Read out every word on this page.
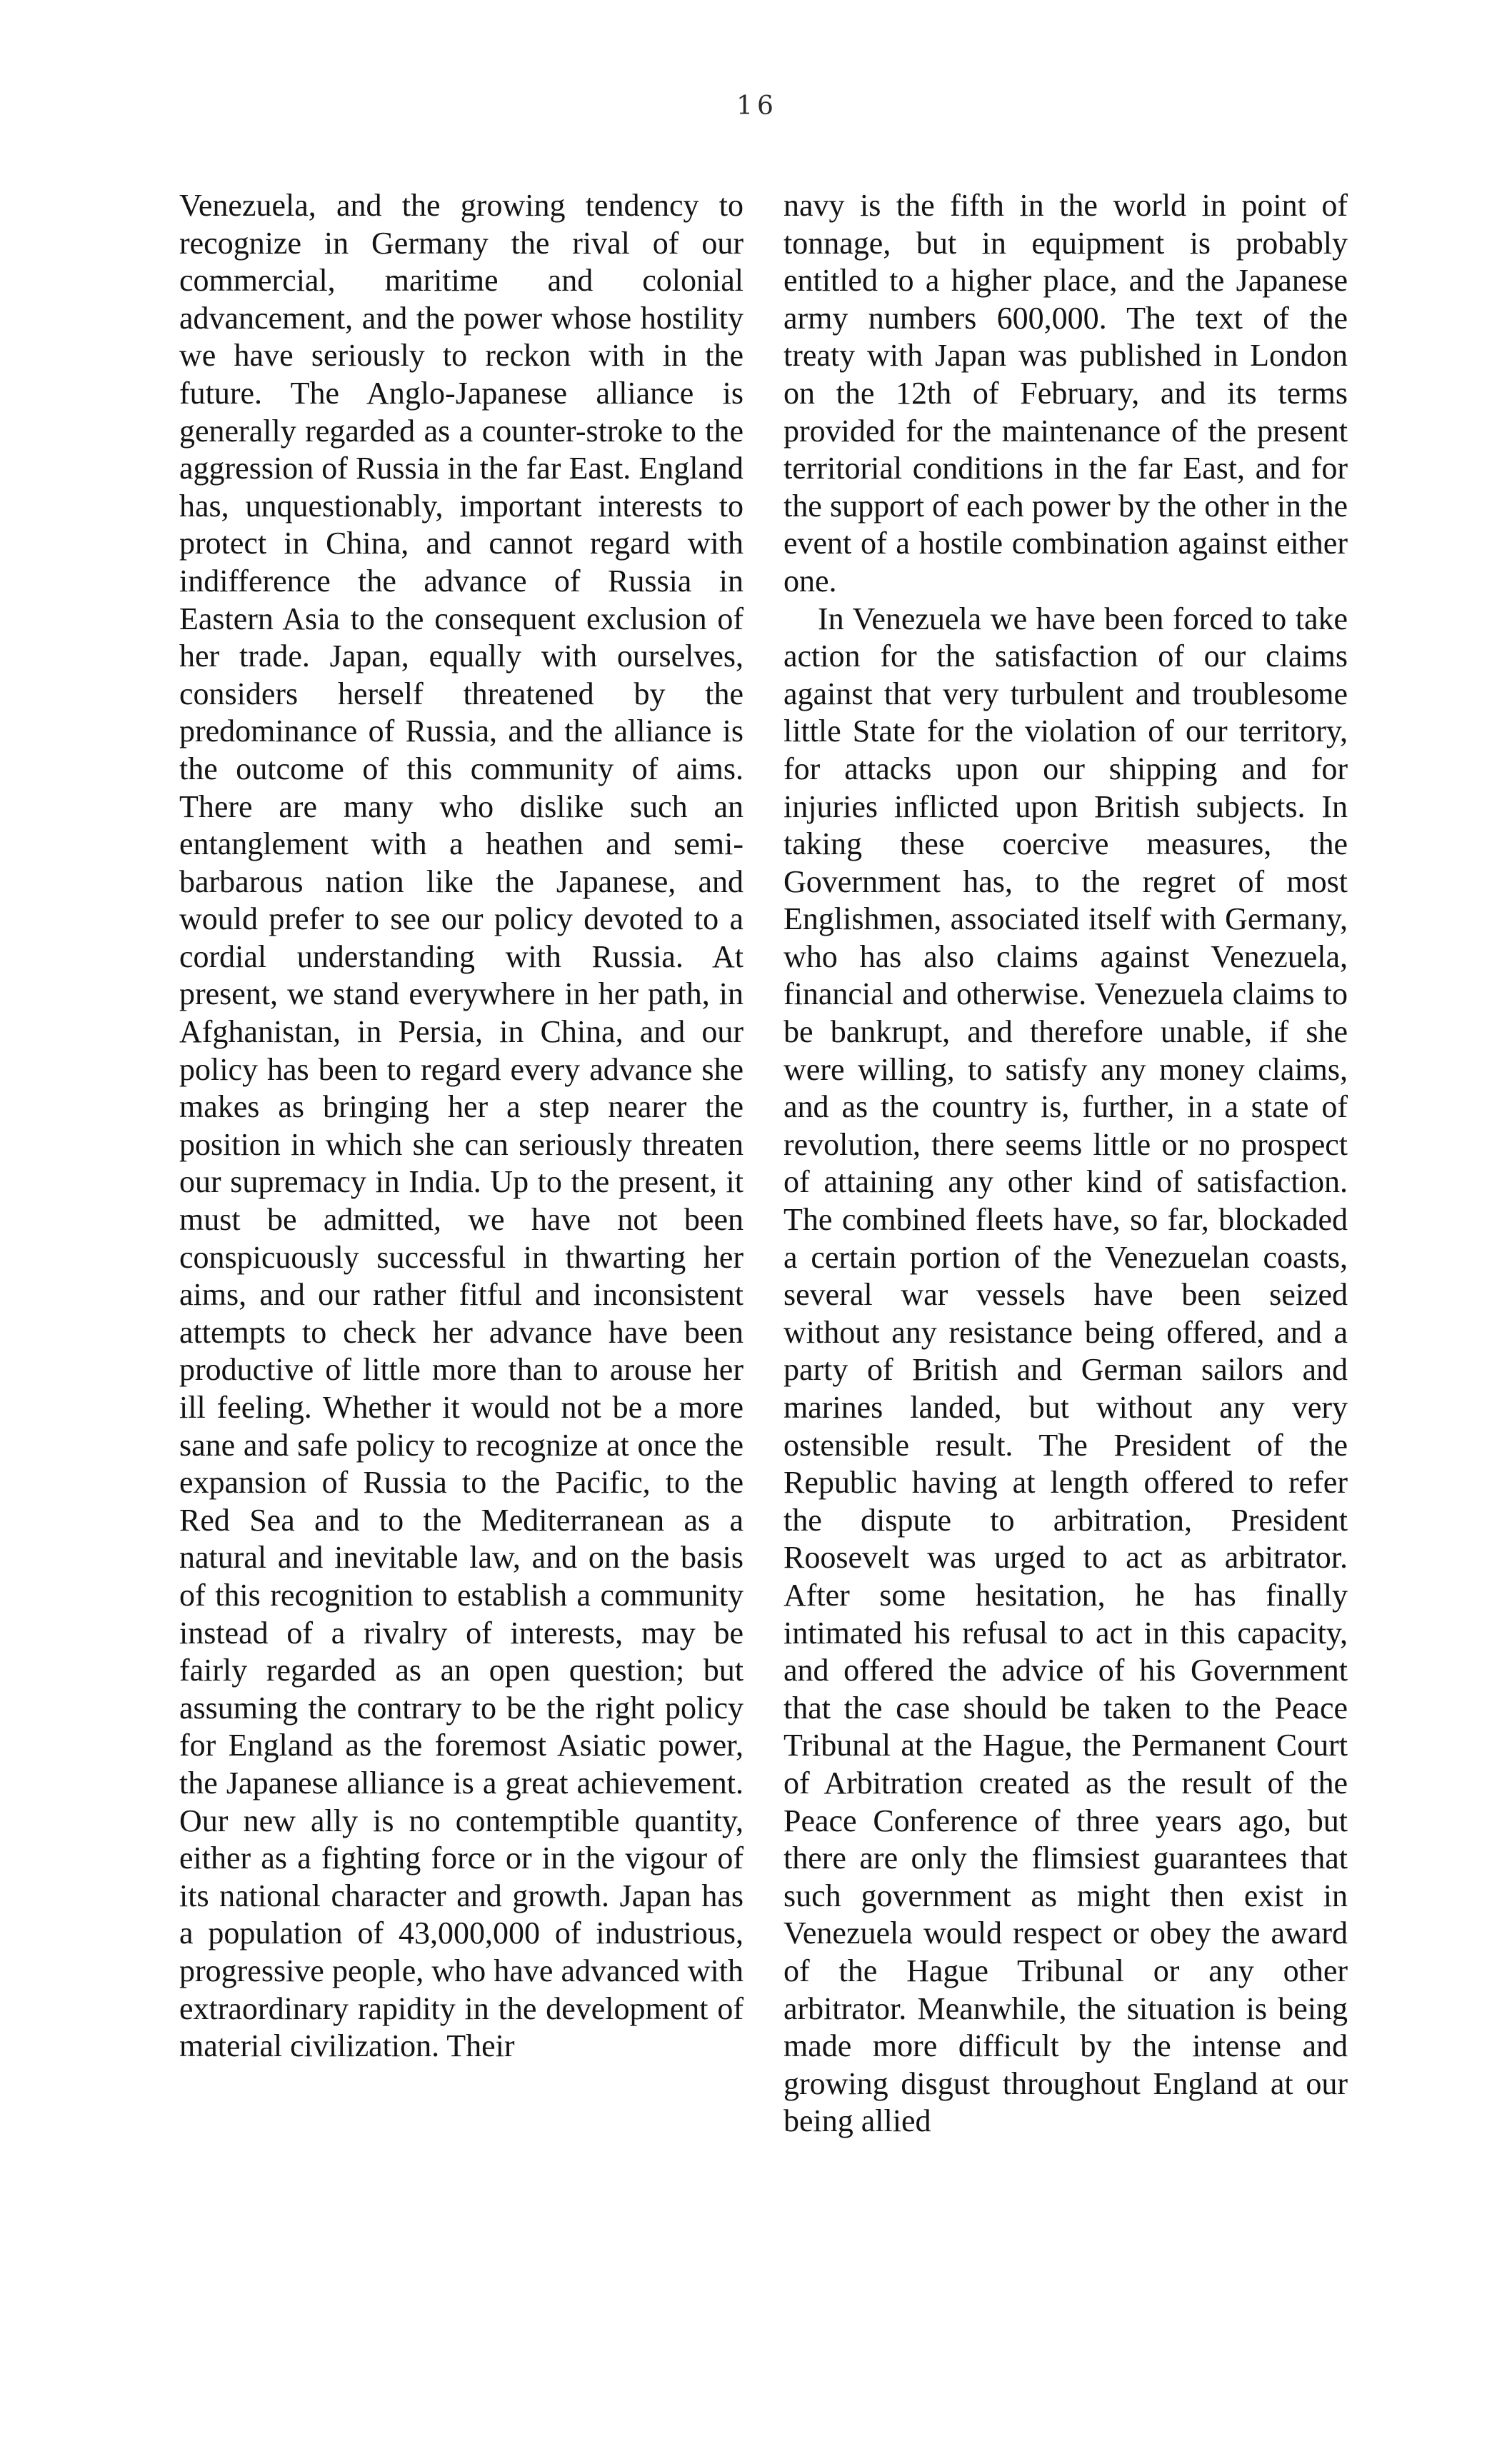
16

Venezuela, and the growing tendency to recognize in Germany the rival of our commercial, maritime and colonial advancement, and the power whose hostility we have seriously to reckon with in the future. The Anglo-Japanese alliance is generally regarded as a counter-stroke to the aggression of Russia in the far East. England has, unquestionably, important interests to protect in China, and cannot regard with indifference the advance of Russia in Eastern Asia to the consequent exclusion of her trade. Japan, equally with ourselves, considers herself threatened by the predominance of Russia, and the alliance is the outcome of this community of aims. There are many who dislike such an entanglement with a heathen and semi-barbarous nation like the Japanese, and would prefer to see our policy devoted to a cordial understanding with Russia. At present, we stand everywhere in her path, in Afghanistan, in Persia, in China, and our policy has been to regard every advance she makes as bringing her a step nearer the position in which she can seriously threaten our supremacy in India. Up to the present, it must be admitted, we have not been conspicuously successful in thwarting her aims, and our rather fitful and inconsistent attempts to check her advance have been productive of little more than to arouse her ill feeling. Whether it would not be a more sane and safe policy to recognize at once the expansion of Russia to the Pacific, to the Red Sea and to the Mediterranean as a natural and inevitable law, and on the basis of this recognition to establish a community instead of a rivalry of interests, may be fairly regarded as an open question; but assuming the contrary to be the right policy for England as the foremost Asiatic power, the Japanese alliance is a great achievement. Our new ally is no contemptible quantity, either as a fighting force or in the vigour of its national character and growth. Japan has a population of 43,000,000 of industrious, progressive people, who have advanced with extraordinary rapidity in the development of material civilization. Their

navy is the fifth in the world in point of tonnage, but in equipment is probably entitled to a higher place, and the Japanese army numbers 600,000. The text of the treaty with Japan was published in London on the 12th of February, and its terms provided for the maintenance of the present territorial conditions in the far East, and for the support of each power by the other in the event of a hostile combination against either one.

In Venezuela we have been forced to take action for the satisfaction of our claims against that very turbulent and troublesome little State for the violation of our territory, for attacks upon our shipping and for injuries inflicted upon British subjects. In taking these coercive measures, the Government has, to the regret of most Englishmen, associated itself with Germany, who has also claims against Venezuela, financial and otherwise. Venezuela claims to be bankrupt, and therefore unable, if she were willing, to satisfy any money claims, and as the country is, further, in a state of revolution, there seems little or no prospect of attaining any other kind of satisfaction. The combined fleets have, so far, blockaded a certain portion of the Venezuelan coasts, several war vessels have been seized without any resistance being offered, and a party of British and German sailors and marines landed, but without any very ostensible result. The President of the Republic having at length offered to refer the dispute to arbitration, President Roosevelt was urged to act as arbitrator. After some hesitation, he has finally intimated his refusal to act in this capacity, and offered the advice of his Government that the case should be taken to the Peace Tribunal at the Hague, the Permanent Court of Arbitration created as the result of the Peace Conference of three years ago, but there are only the flimsiest guarantees that such government as might then exist in Venezuela would respect or obey the award of the Hague Tribunal or any other arbitrator. Meanwhile, the situation is being made more difficult by the intense and growing disgust throughout England at our being allied
